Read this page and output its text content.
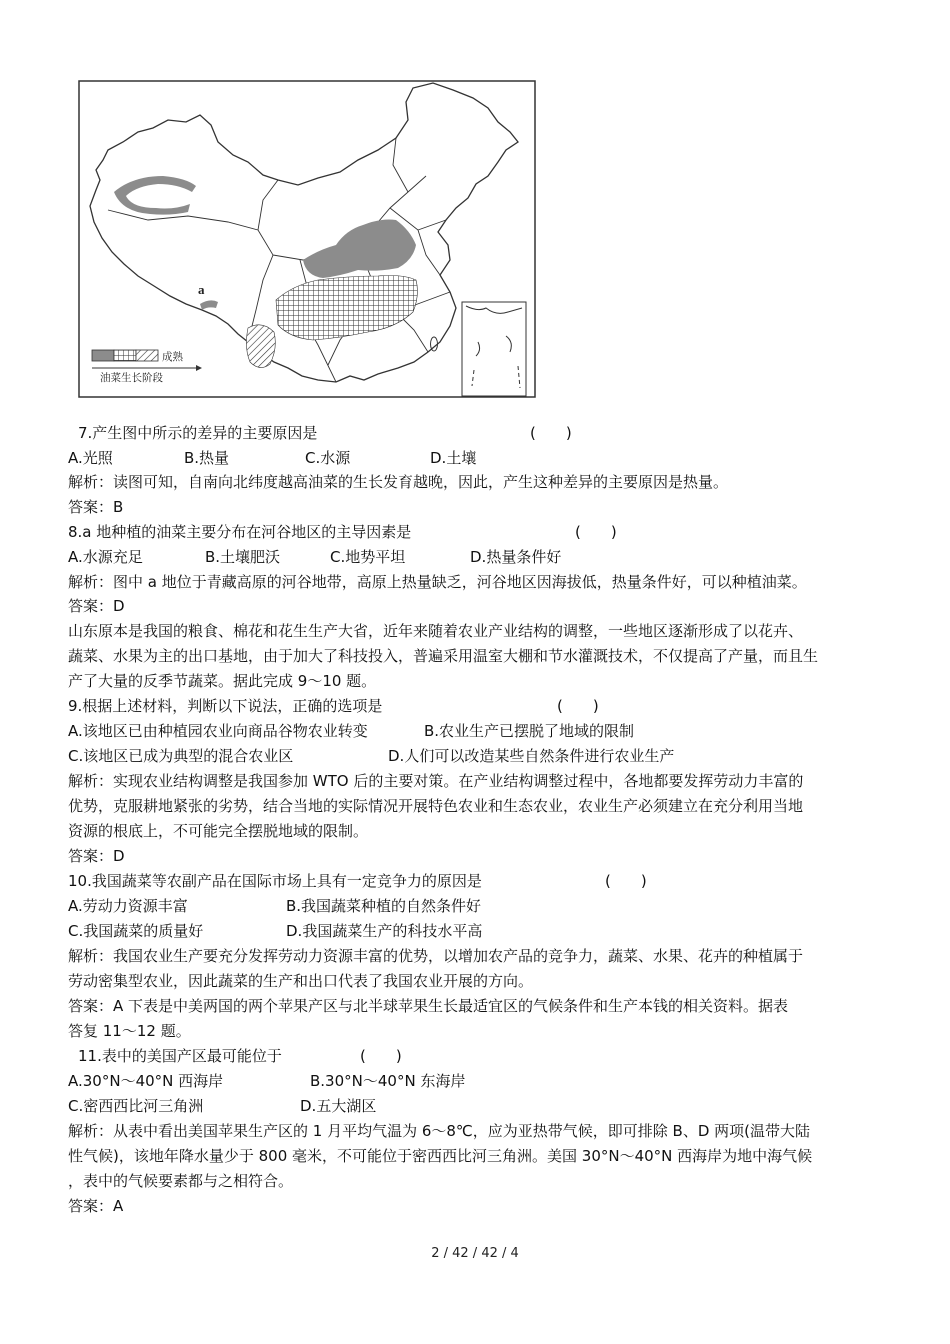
a
成熟
油菜生长阶段
7.产生图中所示的差异的主要原因是	(　　)
A.光照	B.热量	C.水源	D.土壤
解析：读图可知，自南向北纬度越高油菜的生长发育越晚，因此，产生这种差异的主要原因是热量。
答案：B
8.a 地种植的油菜主要分布在河谷地区的主导因素是	(　　)
A.水源充足	B.土壤肥沃	C.地势平坦	D.热量条件好
解析：图中 a 地位于青藏高原的河谷地带，高原上热量缺乏，河谷地区因海拔低，热量条件好，可以种植油菜。
答案：D
山东原本是我国的粮食、棉花和花生生产大省，近年来随着农业产业结构的调整，一些地区逐渐形成了以花卉、
蔬菜、水果为主的出口基地，由于加大了科技投入，普遍采用温室大棚和节水灌溉技术，不仅提高了产量，而且生
产了大量的反季节蔬菜。据此完成 9～10 题。
9.根据上述材料，判断以下说法，正确的选项是	(　　)
A.该地区已由种植园农业向商品谷物农业转变	B.农业生产已摆脱了地域的限制
C.该地区已成为典型的混合农业区	D.人们可以改造某些自然条件进行农业生产
解析：实现农业结构调整是我国参加 WTO 后的主要对策。在产业结构调整过程中，各地都要发挥劳动力丰富的
优势，克服耕地紧张的劣势，结合当地的实际情况开展特色农业和生态农业，农业生产必须建立在充分利用当地
资源的根底上，不可能完全摆脱地域的限制。
答案：D
10.我国蔬菜等农副产品在国际市场上具有一定竞争力的原因是	(　　)
A.劳动力资源丰富	B.我国蔬菜种植的自然条件好
C.我国蔬菜的质量好	D.我国蔬菜生产的科技水平高
解析：我国农业生产要充分发挥劳动力资源丰富的优势，以增加农产品的竞争力，蔬菜、水果、花卉的种植属于
劳动密集型农业，因此蔬菜的生产和出口代表了我国农业开展的方向。
答案：A 下表是中美两国的两个苹果产区与北半球苹果生长最适宜区的气候条件和生产本钱的相关资料。据表
答复 11～12 题。
11.表中的美国产区最可能位于	(　　)
A.30°N～40°N 西海岸	B.30°N～40°N 东海岸
C.密西西比河三角洲	D.五大湖区
解析：从表中看出美国苹果生产区的 1 月平均气温为 6～8℃，应为亚热带气候，即可排除 B、D 两项(温带大陆
性气候)，该地年降水量少于 800 毫米，不可能位于密西西比河三角洲。美国 30°N～40°N 西海岸为地中海气候
，表中的气候要素都与之相符合。
答案：A
2 / 42 / 42 / 4
